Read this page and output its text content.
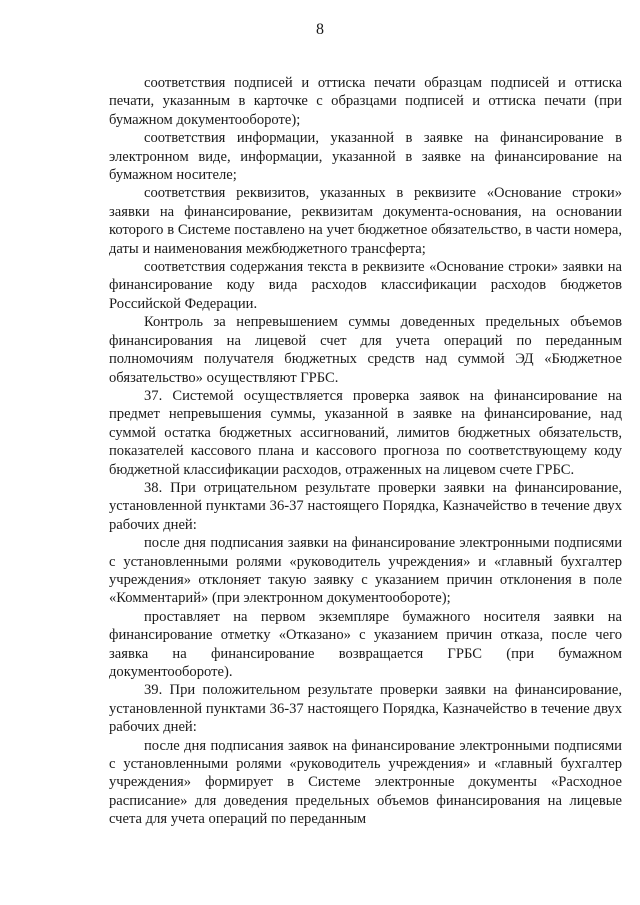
8

соответствия подписей и оттиска печати образцам подписей и оттиска печати, указанным в карточке с образцами подписей и оттиска печати (при бумажном документообороте);

соответствия информации, указанной в заявке на финансирование в электронном виде, информации, указанной в заявке на финансирование на бумажном носителе;

соответствия реквизитов, указанных в реквизите «Основание строки» заявки на финансирование, реквизитам документа-основания, на основании которого в Системе поставлено на учет бюджетное обязательство, в части номера, даты и наименования межбюджетного трансферта;

соответствия содержания текста в реквизите «Основание строки» заявки на финансирование коду вида расходов классификации расходов бюджетов Российской Федерации.

Контроль за непревышением суммы доведенных предельных объемов финансирования на лицевой счет для учета операций по переданным полномочиям получателя бюджетных средств над суммой ЭД «Бюджетное обязательство» осуществляют ГРБС.

37. Системой осуществляется проверка заявок на финансирование на предмет непревышения суммы, указанной в заявке на финансирование, над суммой остатка бюджетных ассигнований, лимитов бюджетных обязательств, показателей кассового плана и кассового прогноза по соответствующему коду бюджетной классификации расходов, отраженных на лицевом счете ГРБС.

38. При отрицательном результате проверки заявки на финансирование, установленной пунктами 36-37 настоящего Порядка, Казначейство в течение двух рабочих дней:

после дня подписания заявки на финансирование электронными подписями с установленными ролями «руководитель учреждения» и «главный бухгалтер учреждения» отклоняет такую заявку с указанием причин отклонения в поле «Комментарий» (при электронном документообороте);

проставляет на первом экземпляре бумажного носителя заявки на финансирование отметку «Отказано» с указанием причин отказа, после чего заявка на финансирование возвращается ГРБС (при бумажном документообороте).

39. При положительном результате проверки заявки на финансирование, установленной пунктами 36-37 настоящего Порядка, Казначейство в течение двух рабочих дней:

после дня подписания заявок на финансирование электронными подписями с установленными ролями «руководитель учреждения» и «главный бухгалтер учреждения» формирует в Системе электронные документы «Расходное расписание» для доведения предельных объемов финансирования на лицевые счета для учета операций по переданным
